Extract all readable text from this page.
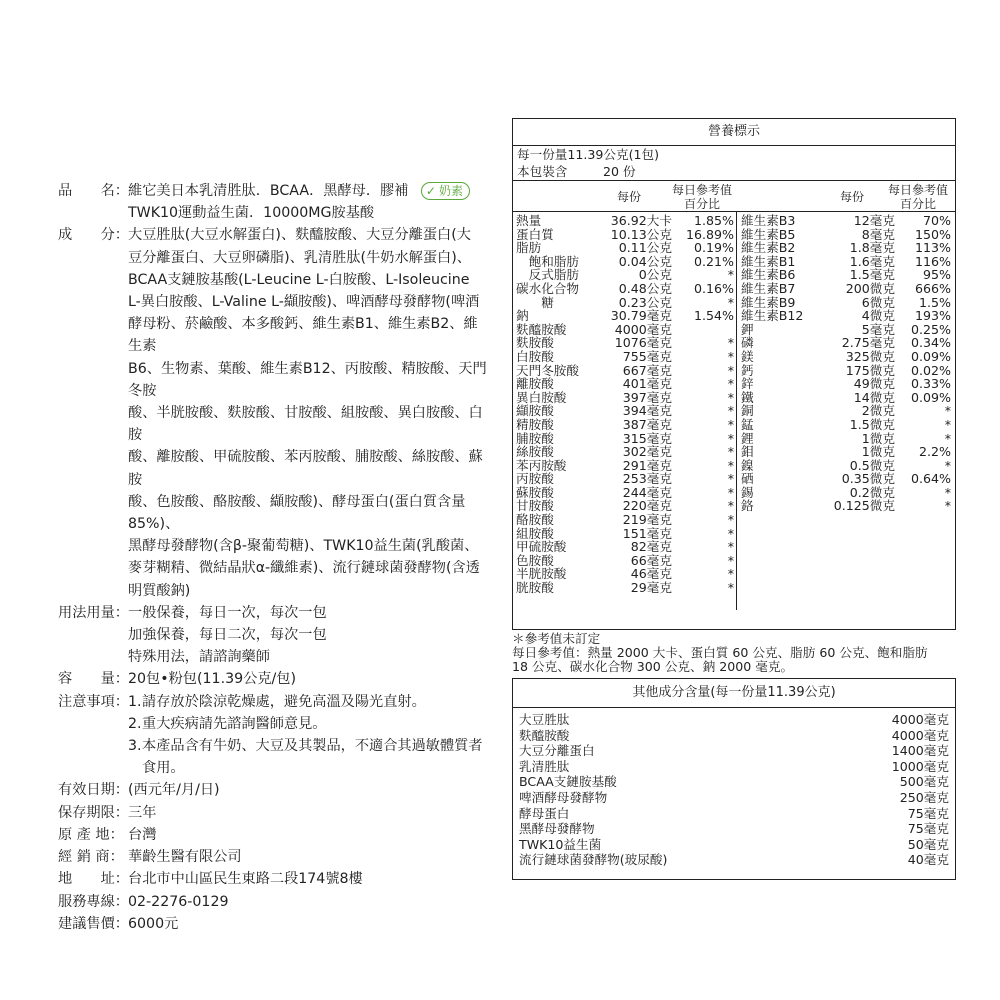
品　　名： 維它美日本乳清胜肽．BCAA．黑酵母．膠補 ✓ 奶素

TWK10運動益生菌．10000MG胺基酸
成　　分： 大豆胜肽(大豆水解蛋白)、麩醯胺酸、大豆分離蛋白(大
豆分離蛋白、大豆卵磷脂)、乳清胜肽(牛奶水解蛋白)、
BCAA支鏈胺基酸(L-Leucine L-白胺酸、L-Isoleucine
L-異白胺酸、L-Valine L-纈胺酸)、啤酒酵母發酵物(啤酒
酵母粉、菸鹼酸、本多酸鈣、維生素B1、維生素B2、維生素
B6、生物素、葉酸、維生素B12、丙胺酸、精胺酸、天門冬胺
酸、半胱胺酸、麩胺酸、甘胺酸、組胺酸、異白胺酸、白胺
酸、離胺酸、甲硫胺酸、苯丙胺酸、脯胺酸、絲胺酸、蘇胺
酸、色胺酸、酪胺酸、纈胺酸)、酵母蛋白(蛋白質含量85%)、
黑酵母發酵物(含β-聚葡萄糖)、TWK10益生菌(乳酸菌、
麥芽糊精、微結晶狀α-纖維素)、流行鏈球菌發酵物(含透
明質酸鈉)
用法用量： 一般保養，每日一次，每次一包
加強保養，每日二次，每次一包
特殊用法，請諮詢藥師
容　　量： 20包•粉包(11.39公克/包)
注意事項： 1. 請存放於陰涼乾燥處，避免高溫及陽光直射。
2. 重大疾病請先諮詢醫師意見。
3. 本產品含有牛奶、大豆及其製品，不適合其過敏體質者食用。
有效日期： (西元年/月/日)
保存期限： 三年
原 產 地： 台灣
經 銷 商： 華齡生醫有限公司
地　　址： 台北市中山區民生東路二段174號8樓
服務專線： 02-2276-0129
建議售價： 6000元
營養標示
每一份量11.39公克(1包)
本包裝含	20 份
每份	每日參考值
百分比	每份 每日參考值
百分比
熱量	36.92大卡 1.85%
蛋白質	10.13公克 16.89%
脂肪	0.11公克 0.19%
　飽和脂肪	0.04公克 0.21%
　反式脂肪	0公克	*
碳水化合物	0.48公克 0.16%
　　糖	0.23公克	*
鈉	30.79毫克 1.54%
麩醯胺酸	4000毫克
麩胺酸	1076毫克	*
白胺酸	755毫克	*
天門冬胺酸	667毫克	*
離胺酸	401毫克	*
異白胺酸	397毫克	*
纈胺酸	394毫克	*
精胺酸	387毫克	*
脯胺酸	315毫克	*
絲胺酸	302毫克	*
苯丙胺酸	291毫克	*
丙胺酸	253毫克	*
蘇胺酸	244毫克	*
甘胺酸	220毫克	*
酪胺酸	219毫克	*
組胺酸	151毫克	*
甲硫胺酸	82毫克	*
色胺酸	66毫克	*
半胱胺酸	46毫克	*
胱胺酸	29毫克	*
維生素B3	12毫克 70%
維生素B5	8毫克 150%
維生素B2	1.8毫克 113%
維生素B1	1.6毫克 116%
維生素B6	1.5毫克 95%
維生素B7	200微克 666%
維生素B9	6微克 1.5%
維生素B12	4微克 193%
鉀	5毫克 0.25%
磷	2.75毫克 0.34%
鎂	325微克 0.09%
鈣	175微克 0.02%
鋅	49微克 0.33%
鐵	14微克 0.09%
銅	2微克	*
錳	1.5微克	*
鋰	1微克	*
鉬	1微克 2.2%
鎳	0.5微克	*
硒	0.35微克 0.64%
錫	0.2微克	*
鉻	0.125微克	*
＊參考值未訂定
每日參考值：熱量 2000 大卡、蛋白質 60 公克、脂肪 60 公克、飽和脂肪
18 公克、碳水化合物 300 公克、鈉 2000 毫克。
其他成分含量(每一份量11.39公克)
大豆胜肽	4000毫克
麩醯胺酸	4000毫克
大豆分離蛋白	1400毫克
乳清胜肽	1000毫克
BCAA支鏈胺基酸	500毫克
啤酒酵母發酵物	250毫克
酵母蛋白	75毫克
黑酵母發酵物	75毫克
TWK10益生菌	50毫克
流行鏈球菌發酵物(玻尿酸)	40毫克
